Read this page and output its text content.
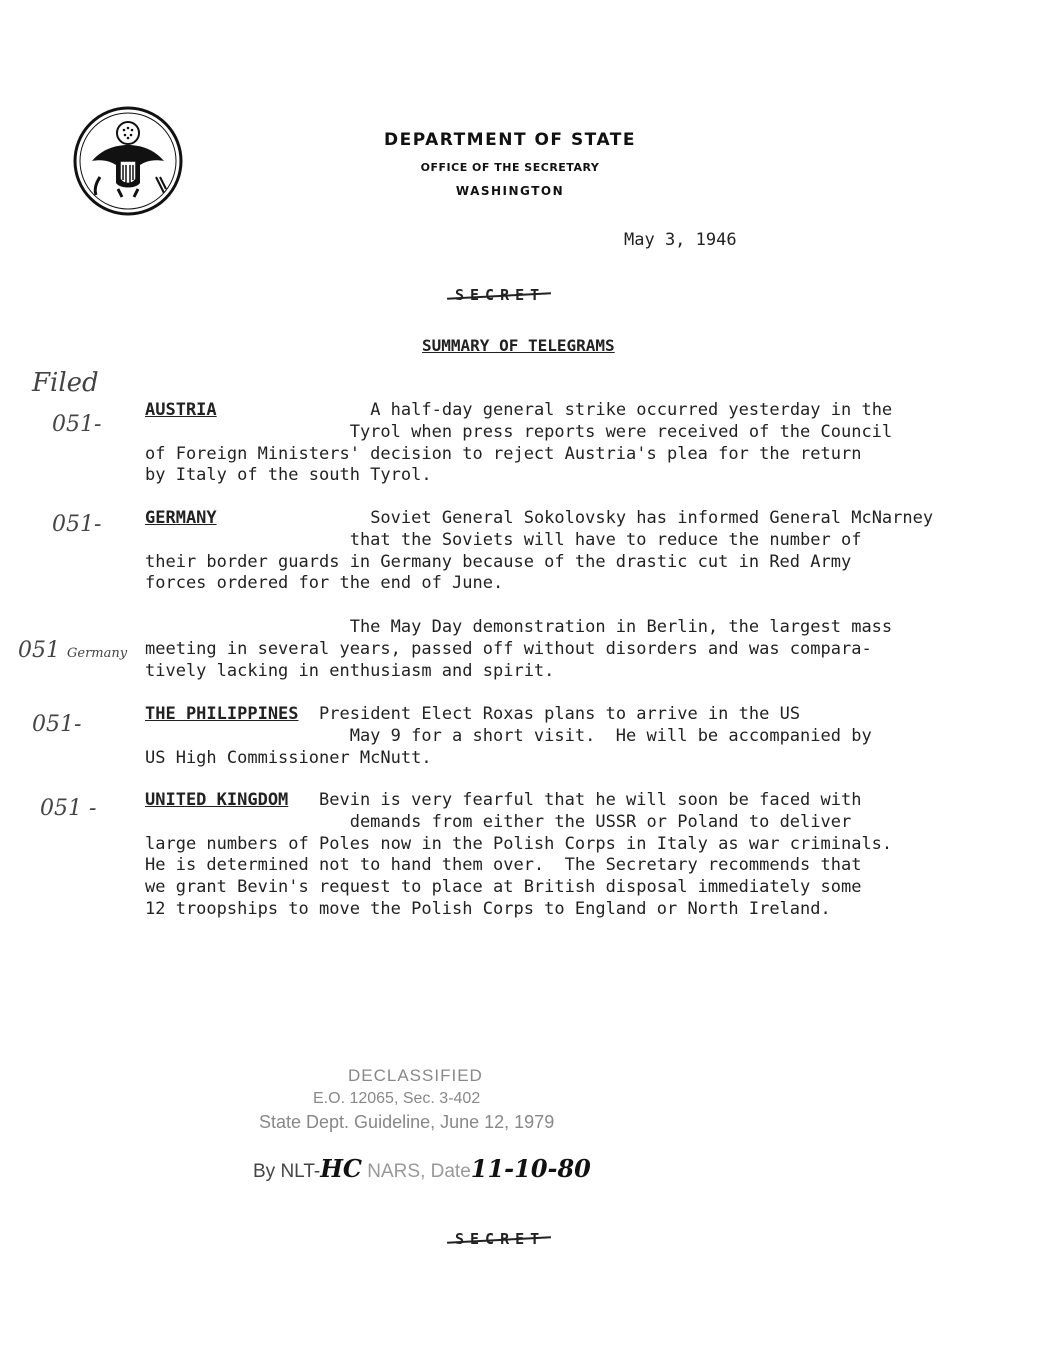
DEPARTMENT OF STATE
OFFICE OF THE SECRETARY
WASHINGTON
May 3, 1946
SECRET
SUMMARY OF TELEGRAMS
AUSTRIA	A half-day general strike occurred yesterday in the
Tyrol when press reports were received of the Council
of Foreign Ministers' decision to reject Austria's plea for the return
by Italy of the south Tyrol.
GERMANY	Soviet General Sokolovsky has informed General McNarney
that the Soviets will have to reduce the number of
their border guards in Germany because of the drastic cut in Red Army
forces ordered for the end of June.
The May Day demonstration in Berlin, the largest mass
meeting in several years, passed off without disorders and was compara-
tively lacking in enthusiasm and spirit.
THE PHILIPPINES President Elect Roxas plans to arrive in the US
May 9 for a short visit.  He will be accompanied by
US High Commissioner McNutt.
UNITED KINGDOM Bevin is very fearful that he will soon be faced with
demands from either the USSR or Poland to deliver
large numbers of Poles now in the Polish Corps in Italy as war criminals.
He is determined not to hand them over.  The Secretary recommends that
we grant Bevin's request to place at British disposal immediately some
12 troopships to move the Polish Corps to England or North Ireland.
Filed
051-
051-
051 Germany
051-
051 -
DECLASSIFIED
E.O. 12065, Sec. 3-402
State Dept. Guideline, June 12, 1979
By NLT-HC NARS, Date11-10-80
SECRET
